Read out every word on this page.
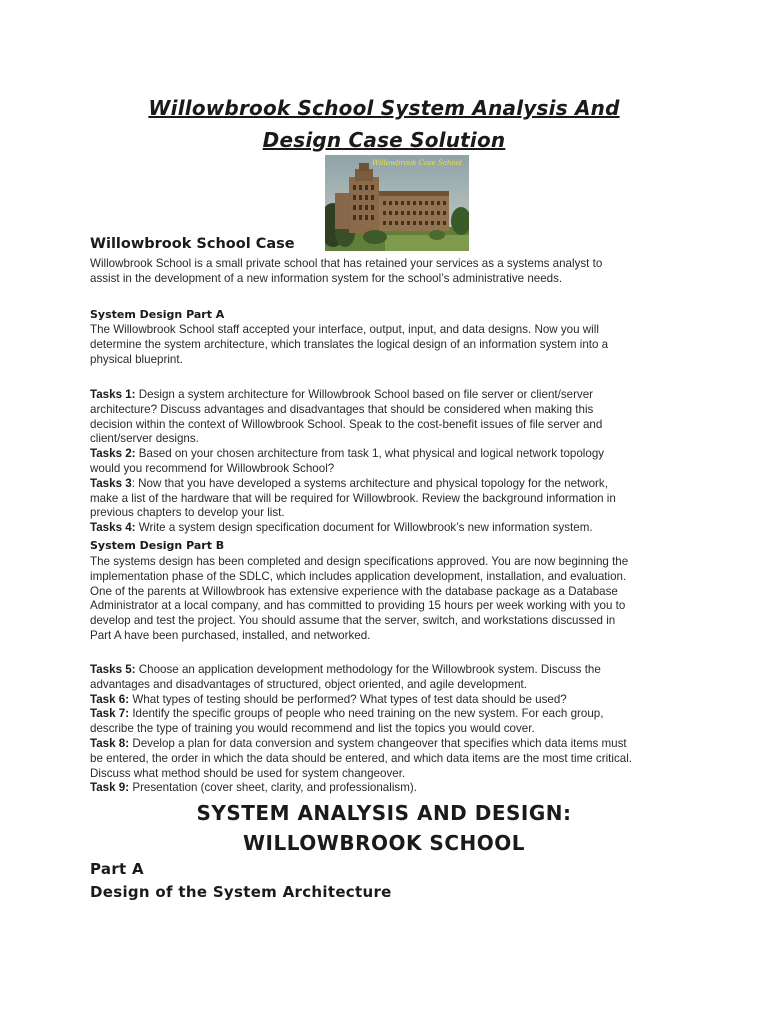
Willowbrook School System Analysis And
Design Case Solution
Willowbrook Case School
Willowbrook School Case
Willowbrook School is a small private school that has retained your services as a systems analyst to
assist in the development of a new information system for the school’s administrative needs.
System Design Part A
The Willowbrook School staff accepted your interface, output, input, and data designs. Now you will
determine the system architecture, which translates the logical design of an information system into a
physical blueprint.
Tasks 1: Design a system architecture for Willowbrook School based on file server or client/server
architecture? Discuss advantages and disadvantages that should be considered when making this
decision within the context of Willowbrook School. Speak to the cost-benefit issues of file server and
client/server designs.
Tasks 2: Based on your chosen architecture from task 1, what physical and logical network topology
would you recommend for Willowbrook School?
Tasks 3: Now that you have developed a systems architecture and physical topology for the network,
make a list of the hardware that will be required for Willowbrook. Review the background information in
previous chapters to develop your list.
Tasks 4: Write a system design specification document for Willowbrook’s new information system.
System Design Part B
The systems design has been completed and design specifications approved. You are now beginning the
implementation phase of the SDLC, which includes application development, installation, and evaluation.
One of the parents at Willowbrook has extensive experience with the database package as a Database
Administrator at a local company, and has committed to providing 15 hours per week working with you to
develop and test the project. You should assume that the server, switch, and workstations discussed in
Part A have been purchased, installed, and networked.
Tasks 5: Choose an application development methodology for the Willowbrook system. Discuss the
advantages and disadvantages of structured, object oriented, and agile development.
Task 6: What types of testing should be performed? What types of test data should be used?
Task 7: Identify the specific groups of people who need training on the new system. For each group,
describe the type of training you would recommend and list the topics you would cover.
Task 8: Develop a plan for data conversion and system changeover that specifies which data items must
be entered, the order in which the data should be entered, and which data items are the most time critical.
Discuss what method should be used for system changeover.
Task 9: Presentation (cover sheet, clarity, and professionalism).
SYSTEM ANALYSIS AND DESIGN:
WILLOWBROOK SCHOOL
Part A
Design of the System Architecture
